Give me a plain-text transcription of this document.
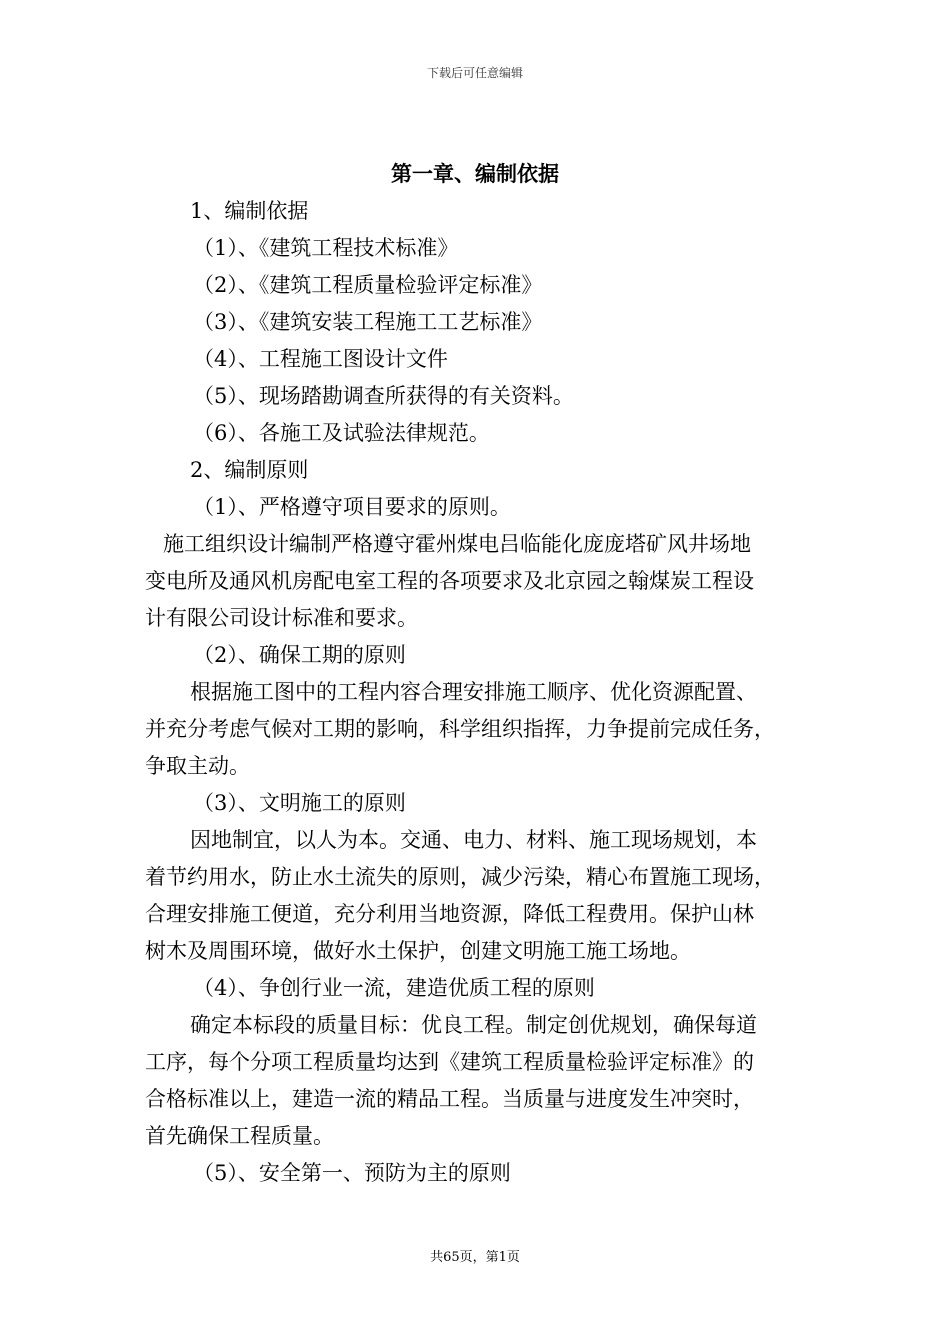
下载后可任意编辑
第一章、编制依据
1、编制依据
（1）、《建筑工程技术标准》
（2）、《建筑工程质量检验评定标准》
（3）、《建筑安装工程施工工艺标准》
（4）、工程施工图设计文件
（5）、现场踏勘调查所获得的有关资料。
（6）、各施工及试验法律规范。
2、编制原则
（1）、严格遵守项目要求的原则。
施工组织设计编制严格遵守霍州煤电吕临能化庞庞塔矿风井场地
变电所及通风机房配电室工程的各项要求及北京园之翰煤炭工程设
计有限公司设计标准和要求。
（2）、确保工期的原则
根据施工图中的工程内容合理安排施工顺序、优化资源配置、
并充分考虑气候对工期的影响，科学组织指挥，力争提前完成任务，
争取主动。
（3）、文明施工的原则
因地制宜，以人为本。交通、电力、材料、施工现场规划，本
着节约用水，防止水土流失的原则，减少污染，精心布置施工现场，
合理安排施工便道，充分利用当地资源，降低工程费用。保护山林
树木及周围环境，做好水土保护，创建文明施工施工场地。
（4）、争创行业一流，建造优质工程的原则
确定本标段的质量目标：优良工程。制定创优规划，确保每道
工序，每个分项工程质量均达到《建筑工程质量检验评定标准》的
合格标准以上，建造一流的精品工程。当质量与进度发生冲突时，
首先确保工程质量。
（5）、安全第一、预防为主的原则
共65页，第1页
